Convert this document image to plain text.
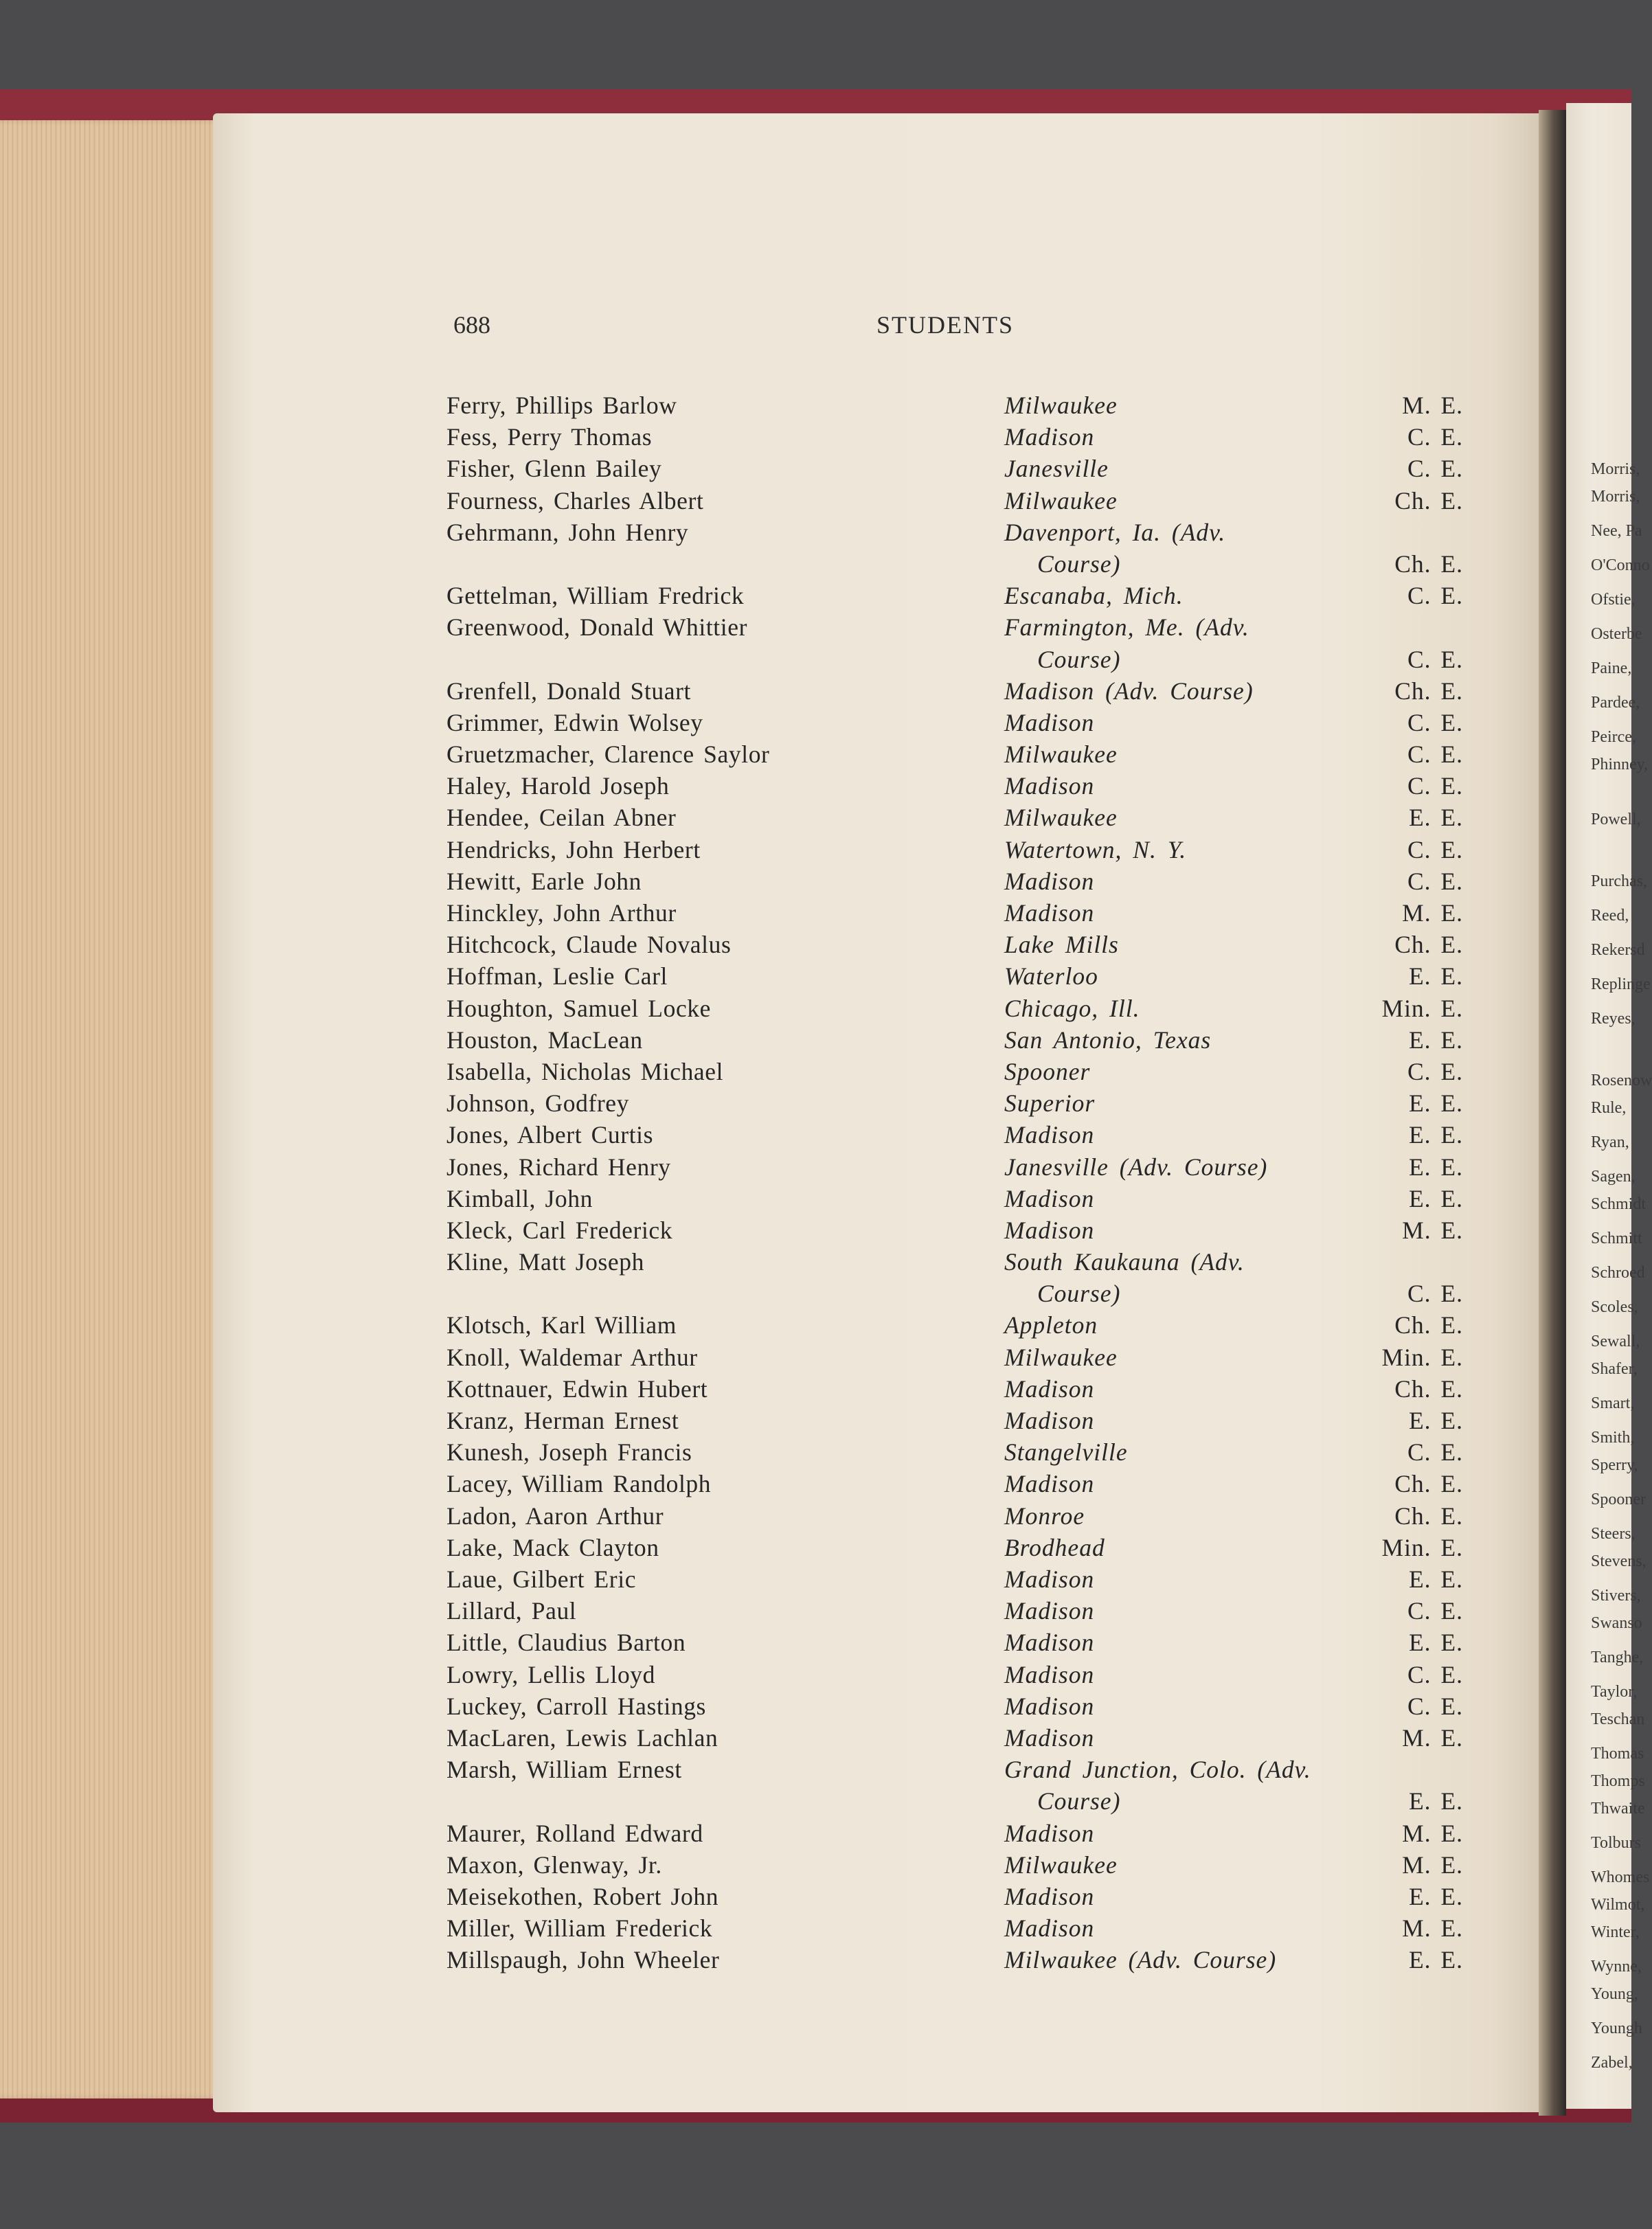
Morris,
Morris,
Nee, Pa
O'Conno
Ofstie,
Osterbe
Paine,
Pardee,
Peirce,
Phinney,
Powell,
Purchas,
Reed,
Rekersd
Replinge
Reyes,
Rosenow
Rule,
Ryan,
Sagen,
Schmidt
Schmitt
Schroed
Scoles,
Sewall,
Shafer,
Smart,
Smith,
Sperry,
Spooner
Steers,
Stevens,
Stivers,
Swanso
Tanghe,
Taylor,
Teschan
Thomas
Thomps
Thwaite
Tolburs
Whomes
Wilmot,
Winter,
Wynne,
Young,
Youngh
Zabel,
688	STUDENTS
Ferry, Phillips Barlow	Milwaukee	M. E.
Fess, Perry Thomas	Madison	C. E.
Fisher, Glenn Bailey	Janesville	C. E.
Fourness, Charles Albert	Milwaukee	Ch. E.
Gehrmann, John Henry	Davenport, Ia. (Adv.
Course)	Ch. E.
Gettelman, William Fredrick	Escanaba, Mich.	C. E.
Greenwood, Donald Whittier	Farmington, Me. (Adv.
Course)	C. E.
Grenfell, Donald Stuart	Madison (Adv. Course)	Ch. E.
Grimmer, Edwin Wolsey	Madison	C. E.
Gruetzmacher, Clarence Saylor	Milwaukee	C. E.
Haley, Harold Joseph	Madison	C. E.
Hendee, Ceilan Abner	Milwaukee	E. E.
Hendricks, John Herbert	Watertown, N. Y.	C. E.
Hewitt, Earle John	Madison	C. E.
Hinckley, John Arthur	Madison	M. E.
Hitchcock, Claude Novalus	Lake Mills	Ch. E.
Hoffman, Leslie Carl	Waterloo	E. E.
Houghton, Samuel Locke	Chicago, Ill.	Min. E.
Houston, MacLean	San Antonio, Texas	E. E.
Isabella, Nicholas Michael	Spooner	C. E.
Johnson, Godfrey	Superior	E. E.
Jones, Albert Curtis	Madison	E. E.
Jones, Richard Henry	Janesville (Adv. Course)	E. E.
Kimball, John	Madison	E. E.
Kleck, Carl Frederick	Madison	M. E.
Kline, Matt Joseph	South Kaukauna (Adv.
Course)	C. E.
Klotsch, Karl William	Appleton	Ch. E.
Knoll, Waldemar Arthur	Milwaukee	Min. E.
Kottnauer, Edwin Hubert	Madison	Ch. E.
Kranz, Herman Ernest	Madison	E. E.
Kunesh, Joseph Francis	Stangelville	C. E.
Lacey, William Randolph	Madison	Ch. E.
Ladon, Aaron Arthur	Monroe	Ch. E.
Lake, Mack Clayton	Brodhead	Min. E.
Laue, Gilbert Eric	Madison	E. E.
Lillard, Paul	Madison	C. E.
Little, Claudius Barton	Madison	E. E.
Lowry, Lellis Lloyd	Madison	C. E.
Luckey, Carroll Hastings	Madison	C. E.
MacLaren, Lewis Lachlan	Madison	M. E.
Marsh, William Ernest	Grand Junction, Colo. (Adv.
Course)	E. E.
Maurer, Rolland Edward	Madison	M. E.
Maxon, Glenway, Jr.	Milwaukee	M. E.
Meisekothen, Robert John	Madison	E. E.
Miller, William Frederick	Madison	M. E.
Millspaugh, John Wheeler	Milwaukee (Adv. Course)	E. E.
